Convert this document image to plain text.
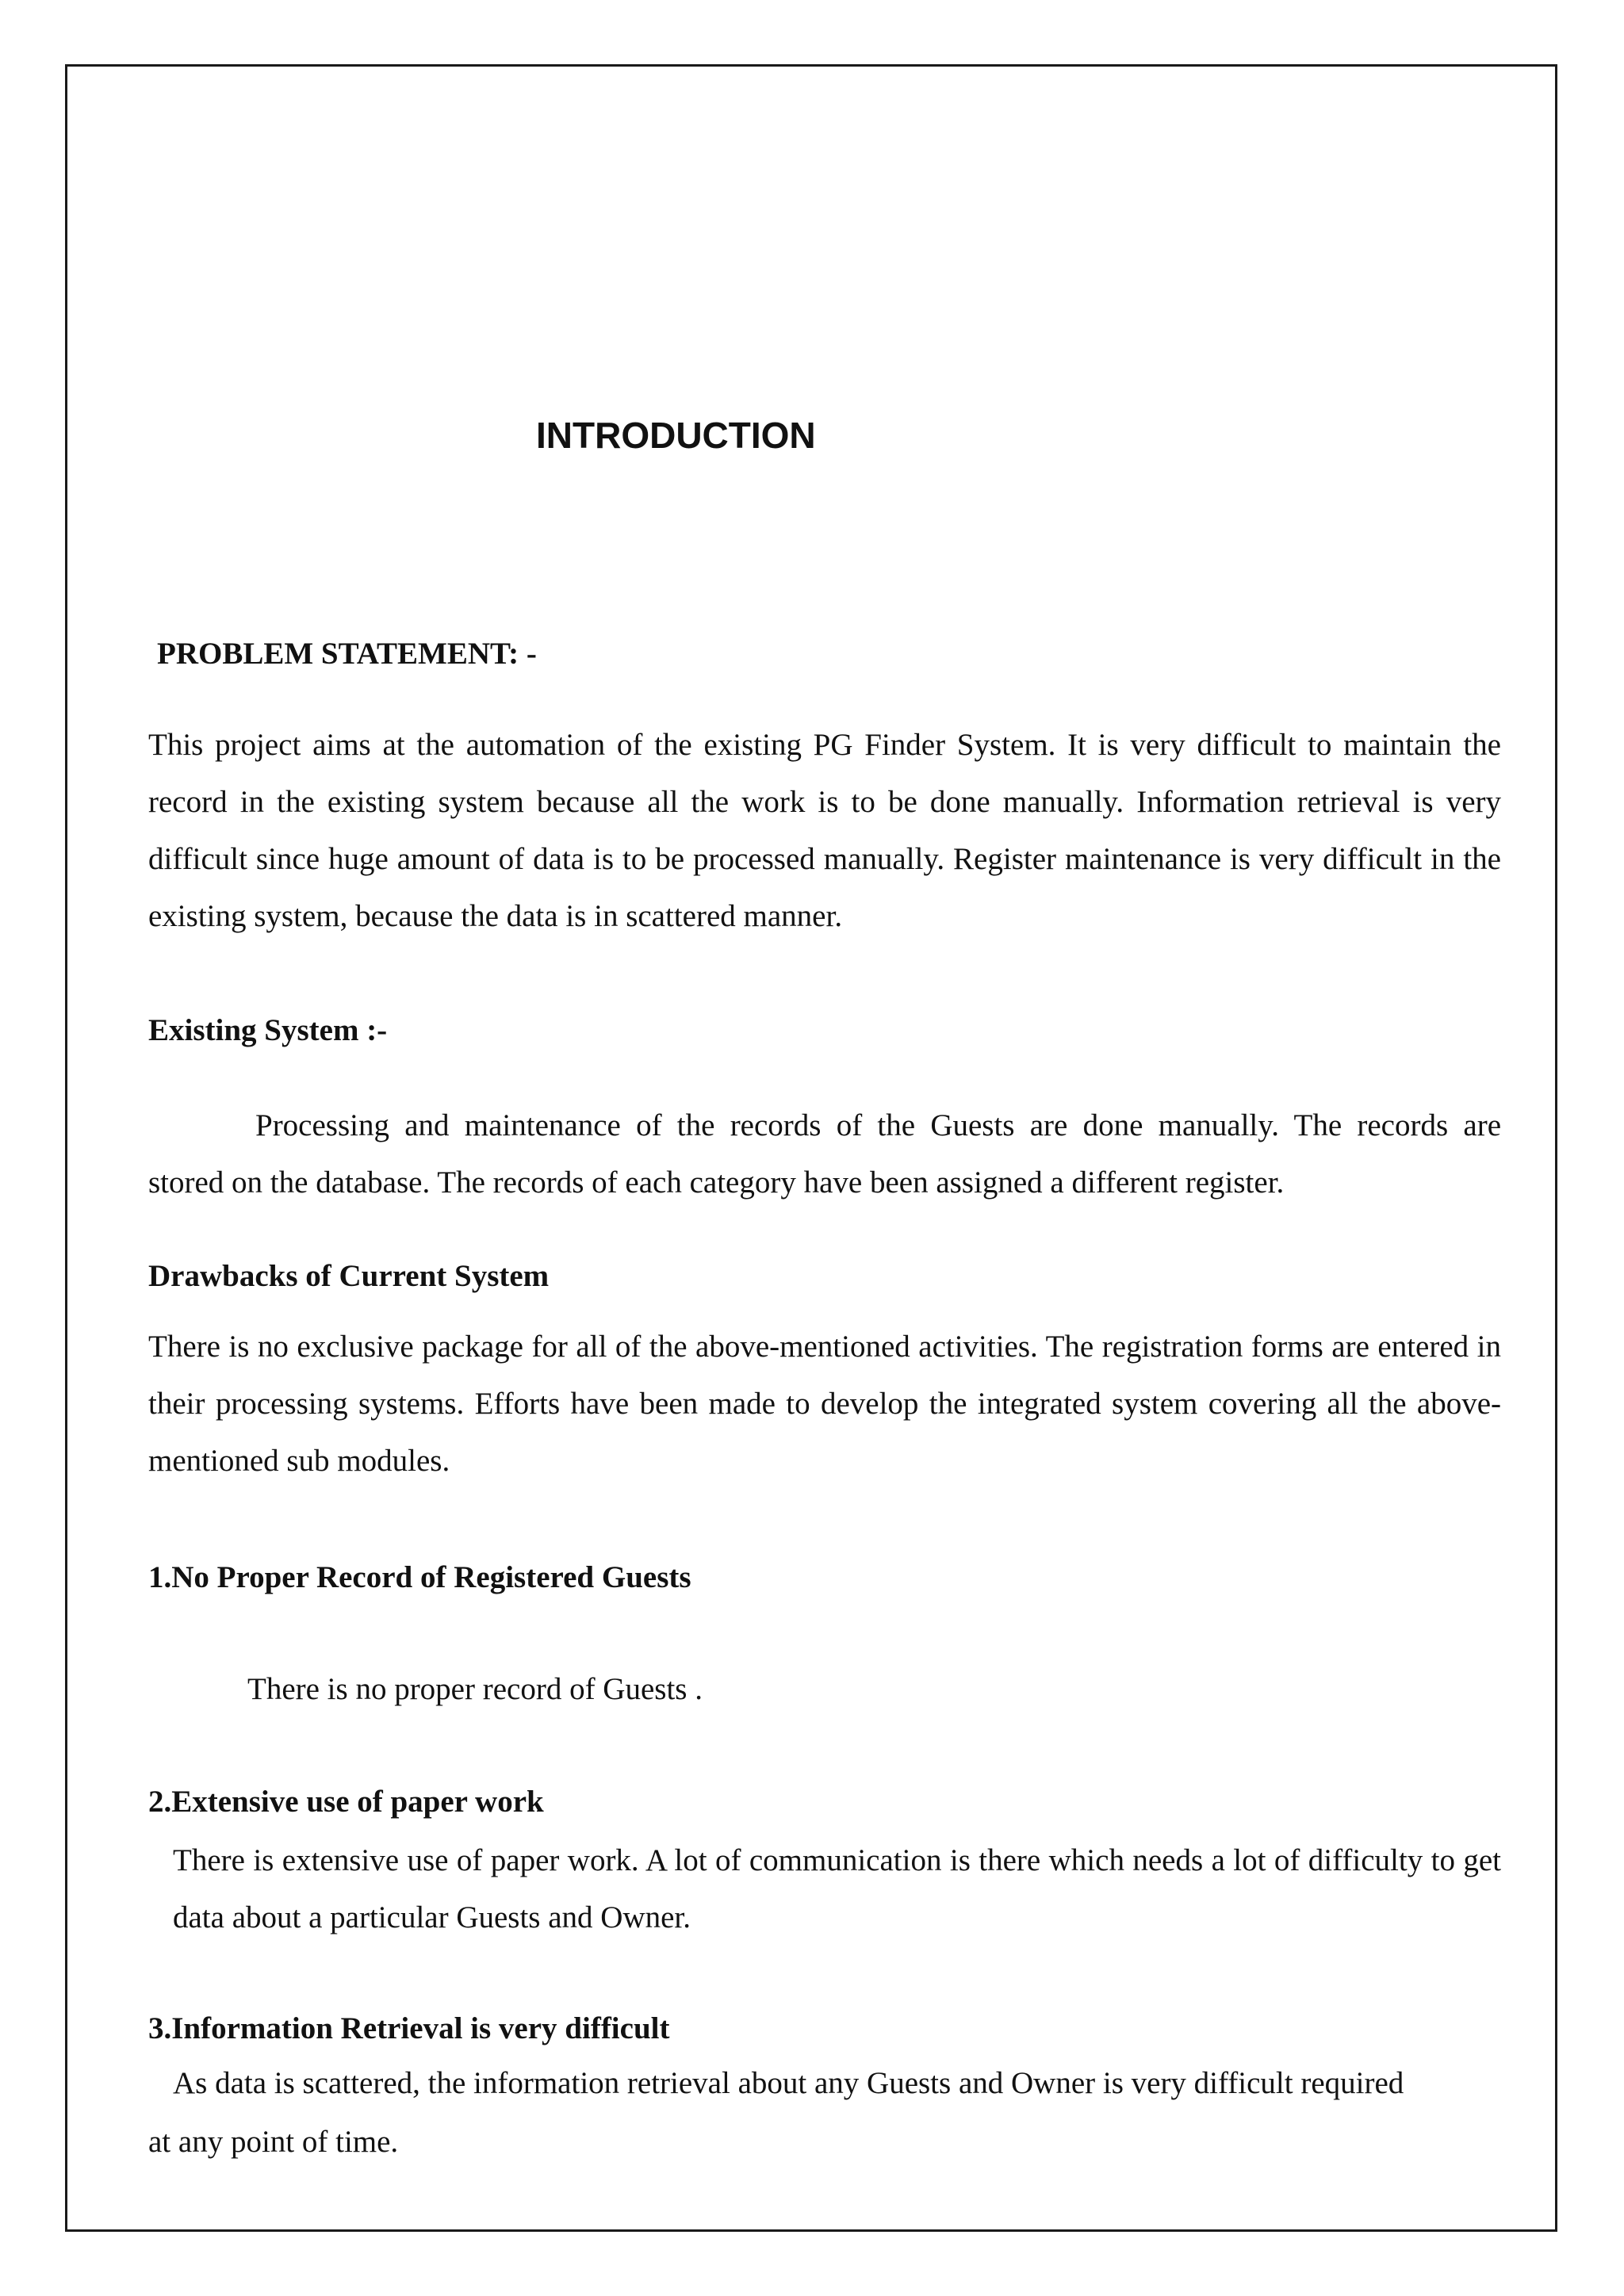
INTRODUCTION
PROBLEM STATEMENT: -

This project aims at the automation of the existing PG Finder System. It is very difficult to maintain the record in the existing system because all the work is to be done manually. Information retrieval is very difficult since huge amount of data is to be processed manually. Register maintenance is very difficult in the existing system, because the data is in scattered manner.

Existing System :-
Processing and maintenance of the records of the Guests are done manually. The records are
stored on the database. The records of each category have been assigned a different register.
Drawbacks of Current System

There is no exclusive package for all of the above-mentioned activities. The registration forms are entered in their processing systems. Efforts have been made to develop the integrated system covering all the above-mentioned sub modules.

1.No Proper Record of Registered Guests
There is no proper record of Guests .
2.Extensive use of paper work

There is extensive use of paper work. A lot of communication is there which needs a lot of difficulty to get data about a particular Guests and Owner.

3.Information Retrieval is very difficult
As data is scattered, the information retrieval about any Guests and Owner is very difficult required
at any point of time.
